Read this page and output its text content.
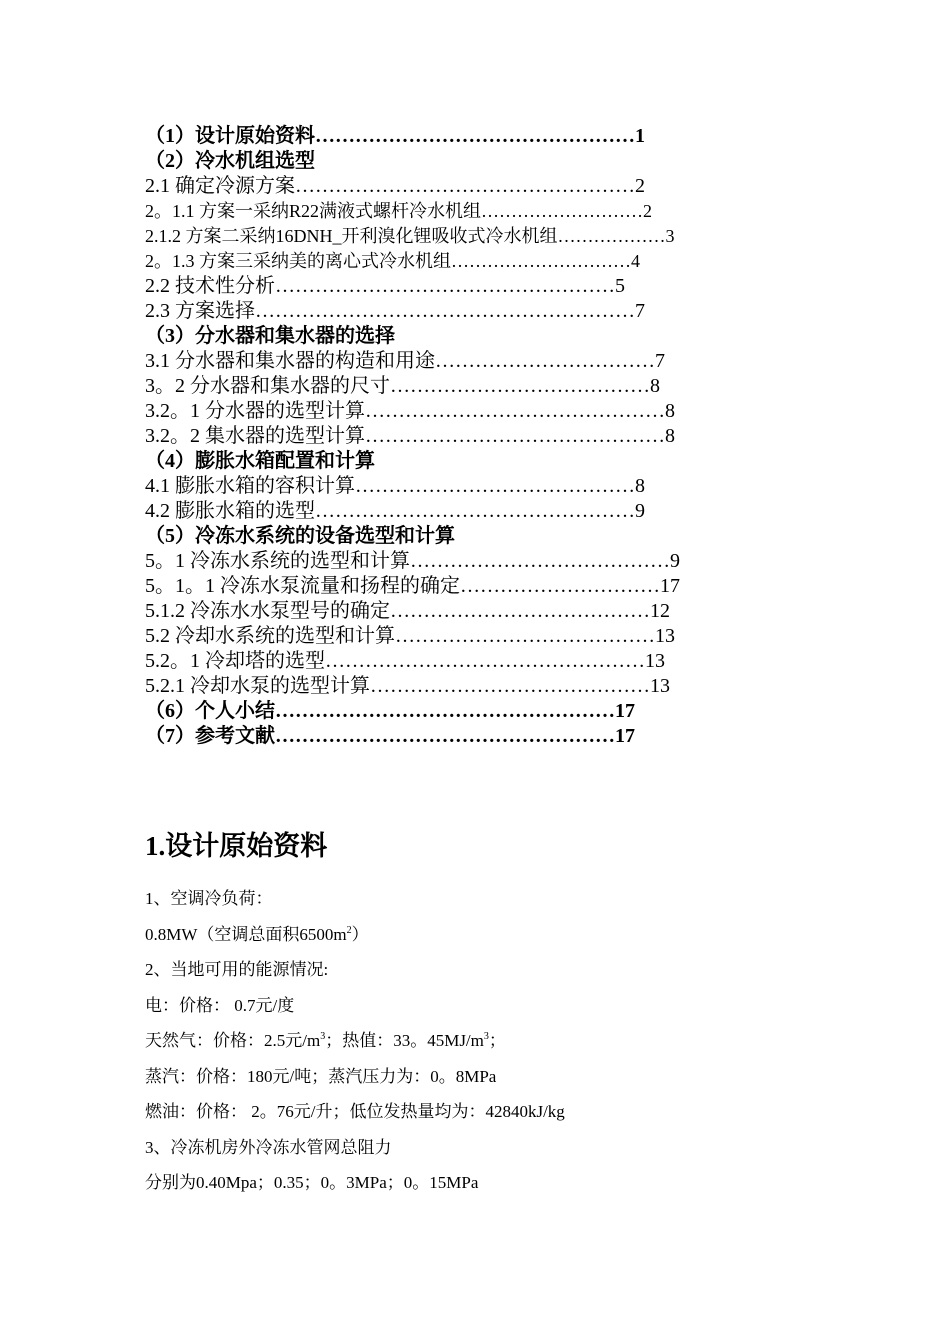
（1）设计原始资料…………………………………………1
（2）冷水机组选型
2.1 确定冷源方案……………………………………………2
2。1.1 方案一采纳R22满液式螺杆冷水机组………………………2
2.1.2 方案二采纳16DNH_开利溴化锂吸收式冷水机组………………3
2。1.3 方案三采纳美的离心式冷水机组…………………………4
2.2 技术性分析……………………………………………5
2.3 方案选择…………………………………………………7
（3）分水器和集水器的选择
3.1 分水器和集水器的构造和用途……………………………7
3。2 分水器和集水器的尺寸…………………………………8
3.2。1 分水器的选型计算………………………………………8
3.2。2 集水器的选型计算………………………………………8
（4）膨胀水箱配置和计算
4.1 膨胀水箱的容积计算……………………………………8
4.2 膨胀水箱的选型…………………………………………9
（5）冷冻水系统的设备选型和计算
5。1 冷冻水系统的选型和计算…………………………………9
5。1。1 冷冻水泵流量和扬程的确定…………………………17
5.1.2 冷冻水水泵型号的确定…………………………………12
5.2 冷却水系统的选型和计算…………………………………13
5.2。1 冷却塔的选型…………………………………………13
5.2.1 冷却水泵的选型计算……………………………………13
（6）个人小结……………………………………………17
（7）参考文献……………………………………………17
1.设计原始资料
1、空调冷负荷：
0.8MW（空调总面积$6500m^2$）
2、当地可用的能源情况:
电：价格： 0.7元/度
天然气：价格：2.5元$/m^3$；热值：33。$45MJ/m^3$；
蒸汽：价格：180元/吨；蒸汽压力为：0。8MPa
燃油：价格： 2。76元/升；低位发热量均为：42840kJ/kg
3、冷冻机房外冷冻水管网总阻力
分别为0.40Mpa；0.35；0。3MPa；0。15MPa
